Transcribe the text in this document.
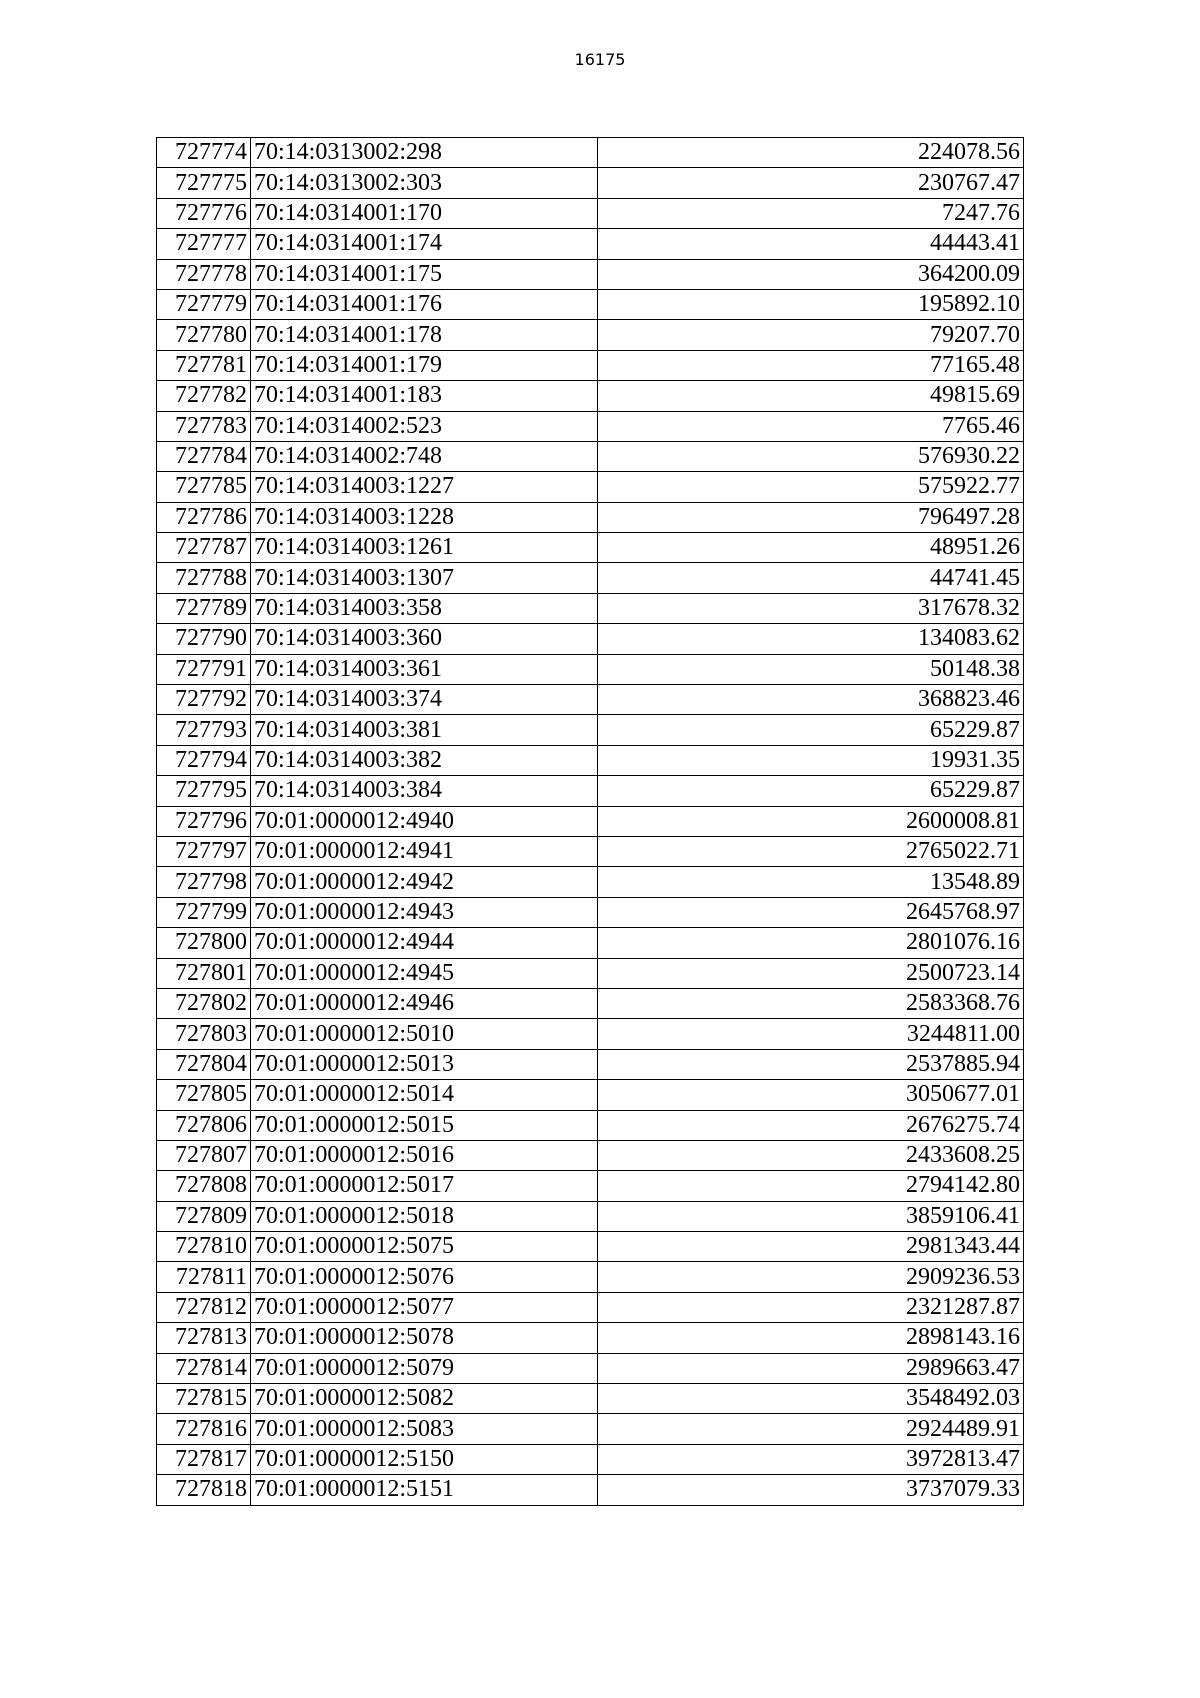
16175
727774	70:14:0313002:298	224078.56
727775	70:14:0313002:303	230767.47
727776	70:14:0314001:170	7247.76
727777	70:14:0314001:174	44443.41
727778	70:14:0314001:175	364200.09
727779	70:14:0314001:176	195892.10
727780	70:14:0314001:178	79207.70
727781	70:14:0314001:179	77165.48
727782	70:14:0314001:183	49815.69
727783	70:14:0314002:523	7765.46
727784	70:14:0314002:748	576930.22
727785	70:14:0314003:1227	575922.77
727786	70:14:0314003:1228	796497.28
727787	70:14:0314003:1261	48951.26
727788	70:14:0314003:1307	44741.45
727789	70:14:0314003:358	317678.32
727790	70:14:0314003:360	134083.62
727791	70:14:0314003:361	50148.38
727792	70:14:0314003:374	368823.46
727793	70:14:0314003:381	65229.87
727794	70:14:0314003:382	19931.35
727795	70:14:0314003:384	65229.87
727796	70:01:0000012:4940	2600008.81
727797	70:01:0000012:4941	2765022.71
727798	70:01:0000012:4942	13548.89
727799	70:01:0000012:4943	2645768.97
727800	70:01:0000012:4944	2801076.16
727801	70:01:0000012:4945	2500723.14
727802	70:01:0000012:4946	2583368.76
727803	70:01:0000012:5010	3244811.00
727804	70:01:0000012:5013	2537885.94
727805	70:01:0000012:5014	3050677.01
727806	70:01:0000012:5015	2676275.74
727807	70:01:0000012:5016	2433608.25
727808	70:01:0000012:5017	2794142.80
727809	70:01:0000012:5018	3859106.41
727810	70:01:0000012:5075	2981343.44
727811	70:01:0000012:5076	2909236.53
727812	70:01:0000012:5077	2321287.87
727813	70:01:0000012:5078	2898143.16
727814	70:01:0000012:5079	2989663.47
727815	70:01:0000012:5082	3548492.03
727816	70:01:0000012:5083	2924489.91
727817	70:01:0000012:5150	3972813.47
727818	70:01:0000012:5151	3737079.33
